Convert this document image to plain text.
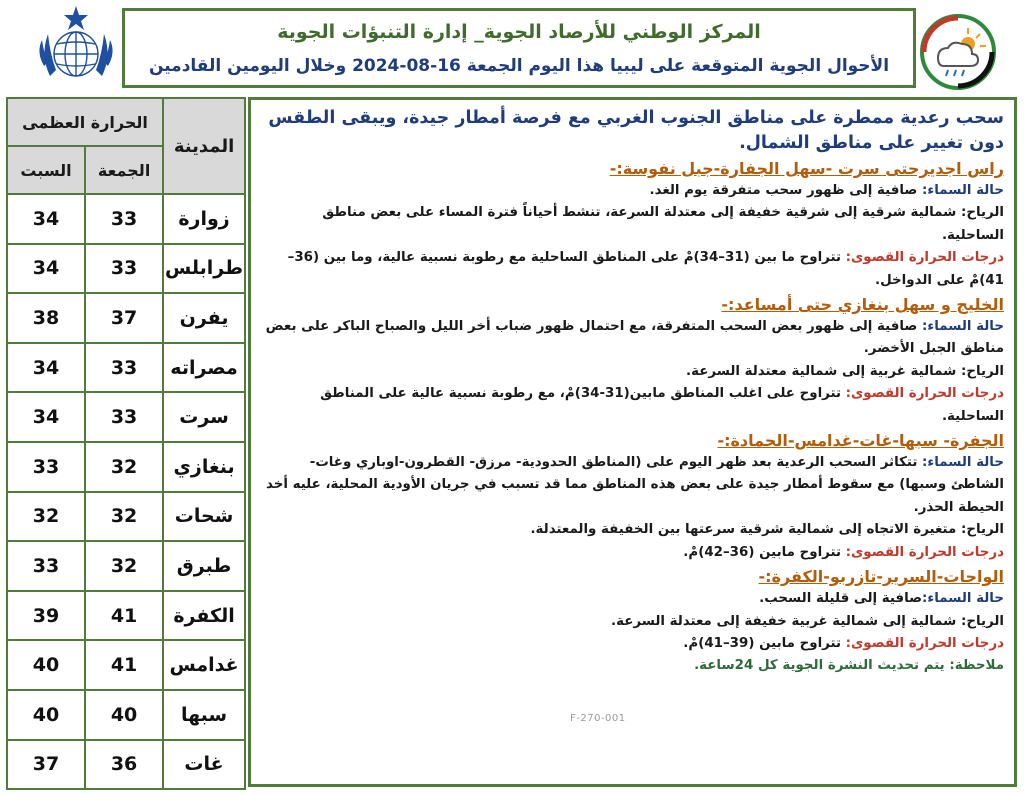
المركز الوطني للأرصاد الجوية_ إدارة التنبؤات الجوية
الأحوال الجوية المتوقعة على ليبيا هذا اليوم الجمعة 16-08-2024 وخلال اليومين القادمين
المدينة	الحرارة العظمى	
	الجمعة	السبت
زوارة	33	34
طرابلس	33	34
يفرن	37	38
مصراته	33	34
سرت	33	34
بنغازي	32	33
شحات	32	32
طبرق	32	33
الكفرة	41	39
غدامس	41	40
سبها	40	40
غات	36	37
سحب رعدية ممطرة على مناطق الجنوب الغربي مع فرصة أمطار جيدة، ويبقى الطقس دون تغيير على مناطق الشمال.
راس اجديرحتى سرت -سهل الجفارة-جبل نفوسة:-
حالة السماء: صافية إلى ظهور سحب متفرقة يوم الغد.
الرياح: شمالية شرقية إلى شرقية خفيفة إلى معتدلة السرعة، تنشط أحياناً فترة المساء على بعض مناطق الساحلية.
درجات الحرارة القصوى: تتراوح ما بين (31–34)مْ على المناطق الساحلية مع رطوبة نسبية عالية، وما بين (36–41)مْ على الدواخل.
الخليج و سهل بنغازي حتى أمساعد:-
حالة السماء: صافية إلى ظهور بعض السحب المتفرقة، مع احتمال ظهور ضباب أخر الليل والصباح الباكر على بعض مناطق الجبل الأخضر.
الرياح: شمالية غربية إلى شمالية معتدلة السرعة.
درجات الحرارة القصوى: تتراوح على اغلب المناطق مابين(31-34)مْ، مع رطوبة نسبية عالية على المناطق الساحلية.
الجفرة- سبها-غات-غدامس-الحمادة:-
حالة السماء: تتكاثر السحب الرعدية بعد ظهر اليوم على (المناطق الحدودية- مرزق- القطرون-اوباري وغات- الشاطئ وسبها) مع سقوط أمطار جيدة على بعض هذه المناطق مما قد تسبب في جريان الأودية المحلية، عليه أخد الحيطة الحذر.
الرياح: متغيرة الاتجاه إلى شمالية شرقية سرعتها بين الخفيفة والمعتدلة.
درجات الحرارة القصوى: تتراوح مابين (36–42)مْ.
الواحات-السرير-تازربو-الكفرة:-
حالة السماء:صافية إلى قليلة السحب.
الرياح: شمالية إلى شمالية غربية خفيفة إلى معتدلة السرعة.
درجات الحرارة القصوى: تتراوح مابين (39–41)مْ.
ملاحظة: يتم تحديث النشرة الجوية كل 24ساعة.
F-270-001
